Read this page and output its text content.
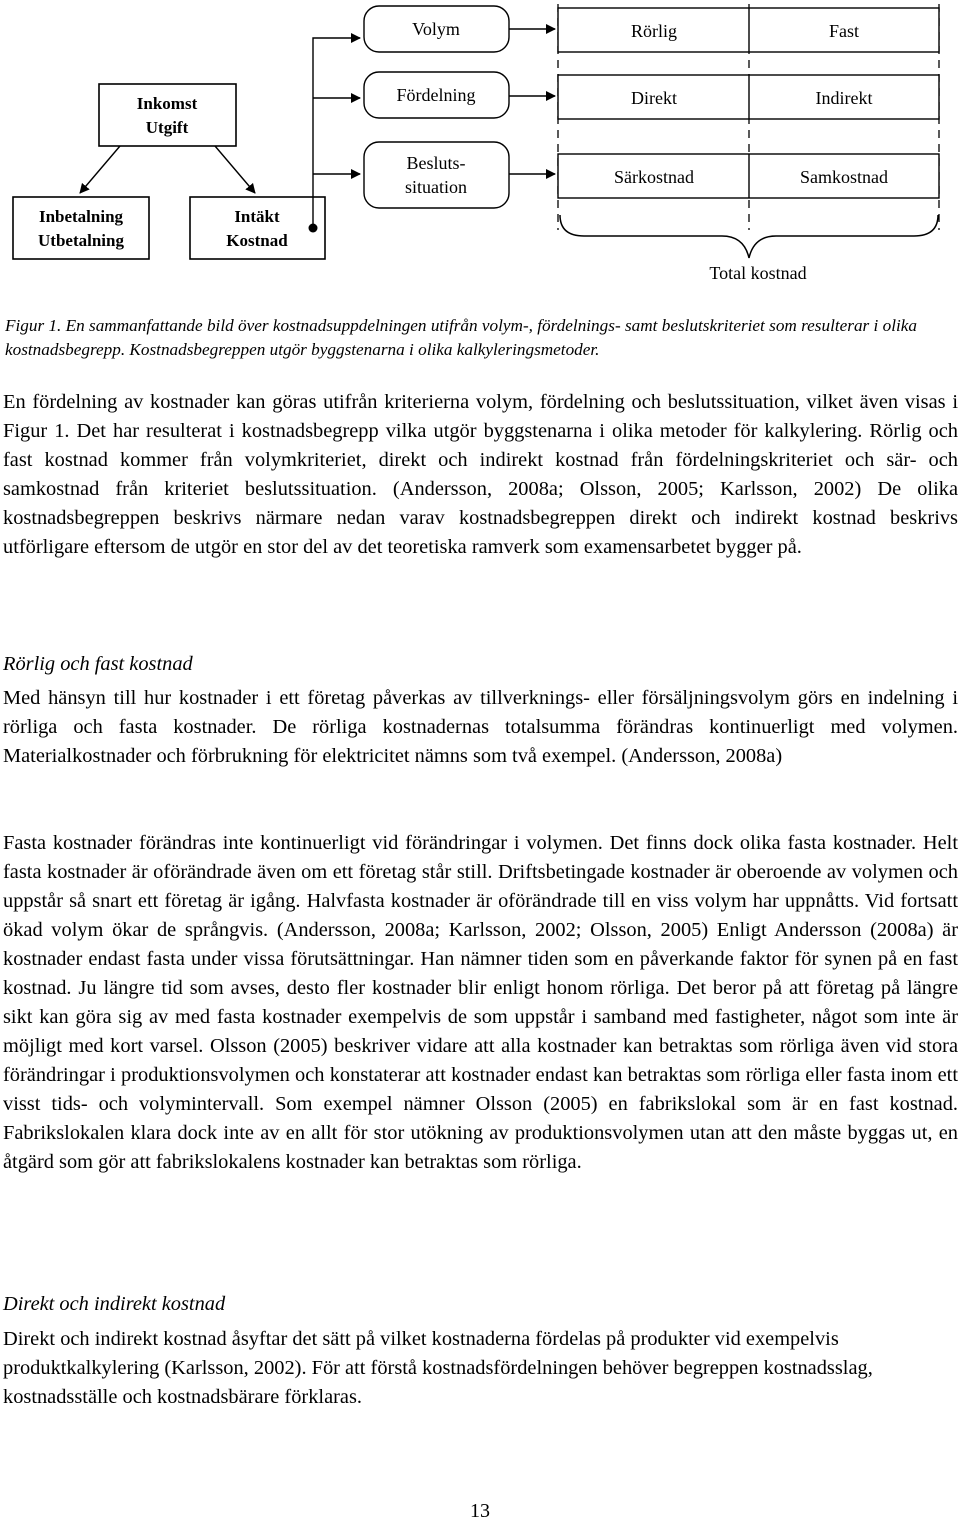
Inkomst
Utgift
Inbetalning
Utbetalning
Intäkt
Kostnad
Volym
Fördelning
Besluts-
situation
Rörlig	Fast
Direkt	Indirekt
Särkostnad	Samkostnad
Total kostnad

Figur 1. En sammanfattande bild över kostnadsuppdelningen utifrån volym-, fördelnings- samt beslutskriteriet som resulterar i olika kostnadsbegrepp. Kostnadsbegreppen utgör byggstenarna i olika kalkyleringsmetoder.

En fördelning av kostnader kan göras utifrån kriterierna volym, fördelning och beslutssituation, vilket även visas i Figur 1. Det har resulterat i kostnadsbegrepp vilka utgör byggstenarna i olika metoder för kalkylering. Rörlig och fast kostnad kommer från volymkriteriet, direkt och indirekt kostnad från fördelningskriteriet och sär- och samkostnad från kriteriet beslutssituation. (Andersson, 2008a; Olsson, 2005; Karlsson, 2002) De olika kostnadsbegreppen beskrivs närmare nedan varav kostnadsbegreppen direkt och indirekt kostnad beskrivs utförligare eftersom de utgör en stor del av det teoretiska ramverk som examensarbetet bygger på.

Rörlig och fast kostnad

Med hänsyn till hur kostnader i ett företag påverkas av tillverknings- eller försäljningsvolym görs en indelning i rörliga och fasta kostnader. De rörliga kostnadernas totalsumma förändras kontinuerligt med volymen. Materialkostnader och förbrukning för elektricitet nämns som två exempel. (Andersson, 2008a)

Fasta kostnader förändras inte kontinuerligt vid förändringar i volymen. Det finns dock olika fasta kostnader. Helt fasta kostnader är oförändrade även om ett företag står still. Driftsbetingade kostnader är oberoende av volymen och uppstår så snart ett företag är igång. Halvfasta kostnader är oförändrade till en viss volym har uppnåtts. Vid fortsatt ökad volym ökar de språngvis. (Andersson, 2008a; Karlsson, 2002; Olsson, 2005) Enligt Andersson (2008a) är kostnader endast fasta under vissa förutsättningar. Han nämner tiden som en påverkande faktor för synen på en fast kostnad. Ju längre tid som avses, desto fler kostnader blir enligt honom rörliga. Det beror på att företag på längre sikt kan göra sig av med fasta kostnader exempelvis de som uppstår i samband med fastigheter, något som inte är möjligt med kort varsel. Olsson (2005) beskriver vidare att alla kostnader kan betraktas som rörliga även vid stora förändringar i produktionsvolymen och konstaterar att kostnader endast kan betraktas som rörliga eller fasta inom ett visst tids- och volymintervall. Som exempel nämner Olsson (2005) en fabrikslokal som är en fast kostnad. Fabrikslokalen klara dock inte av en allt för stor utökning av produktionsvolymen utan att den måste byggas ut, en åtgärd som gör att fabrikslokalens kostnader kan betraktas som rörliga.

Direkt och indirekt kostnad

Direkt och indirekt kostnad åsyftar det sätt på vilket kostnaderna fördelas på produkter vid exempelvis produktkalkylering (Karlsson, 2002). För att förstå kostnadsfördelningen behöver begreppen kostnadsslag, kostnadsställe och kostnadsbärare förklaras.

13
